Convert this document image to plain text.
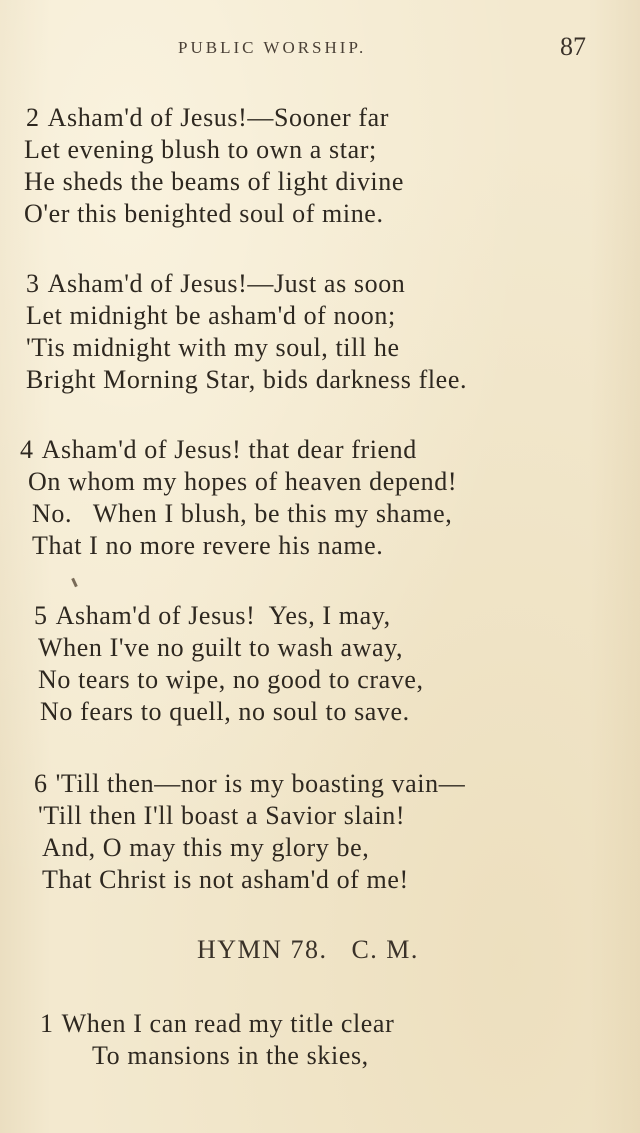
PUBLIC WORSHIP.	87
2 Asham'd of Jesus!—Sooner far
Let evening blush to own a star;
He sheds the beams of light divine
O'er this benighted soul of mine.
3 Asham'd of Jesus!—Just as soon
Let midnight be asham'd of noon;
'Tis midnight with my soul, till he
Bright Morning Star, bids darkness flee.
4 Asham'd of Jesus! that dear friend
On whom my hopes of heaven depend!
No.   When I blush, be this my shame,
That I no more revere his name.
5 Asham'd of Jesus!  Yes, I may,
When I've no guilt to wash away,
No tears to wipe, no good to crave,
No fears to quell, no soul to save.
6 'Till then—nor is my boasting vain—
'Till then I'll boast a Savior slain!
And, O may this my glory be,
That Christ is not asham'd of me!
HYMN 78.   C. M.
1 When I can read my title clear
To mansions in the skies,
